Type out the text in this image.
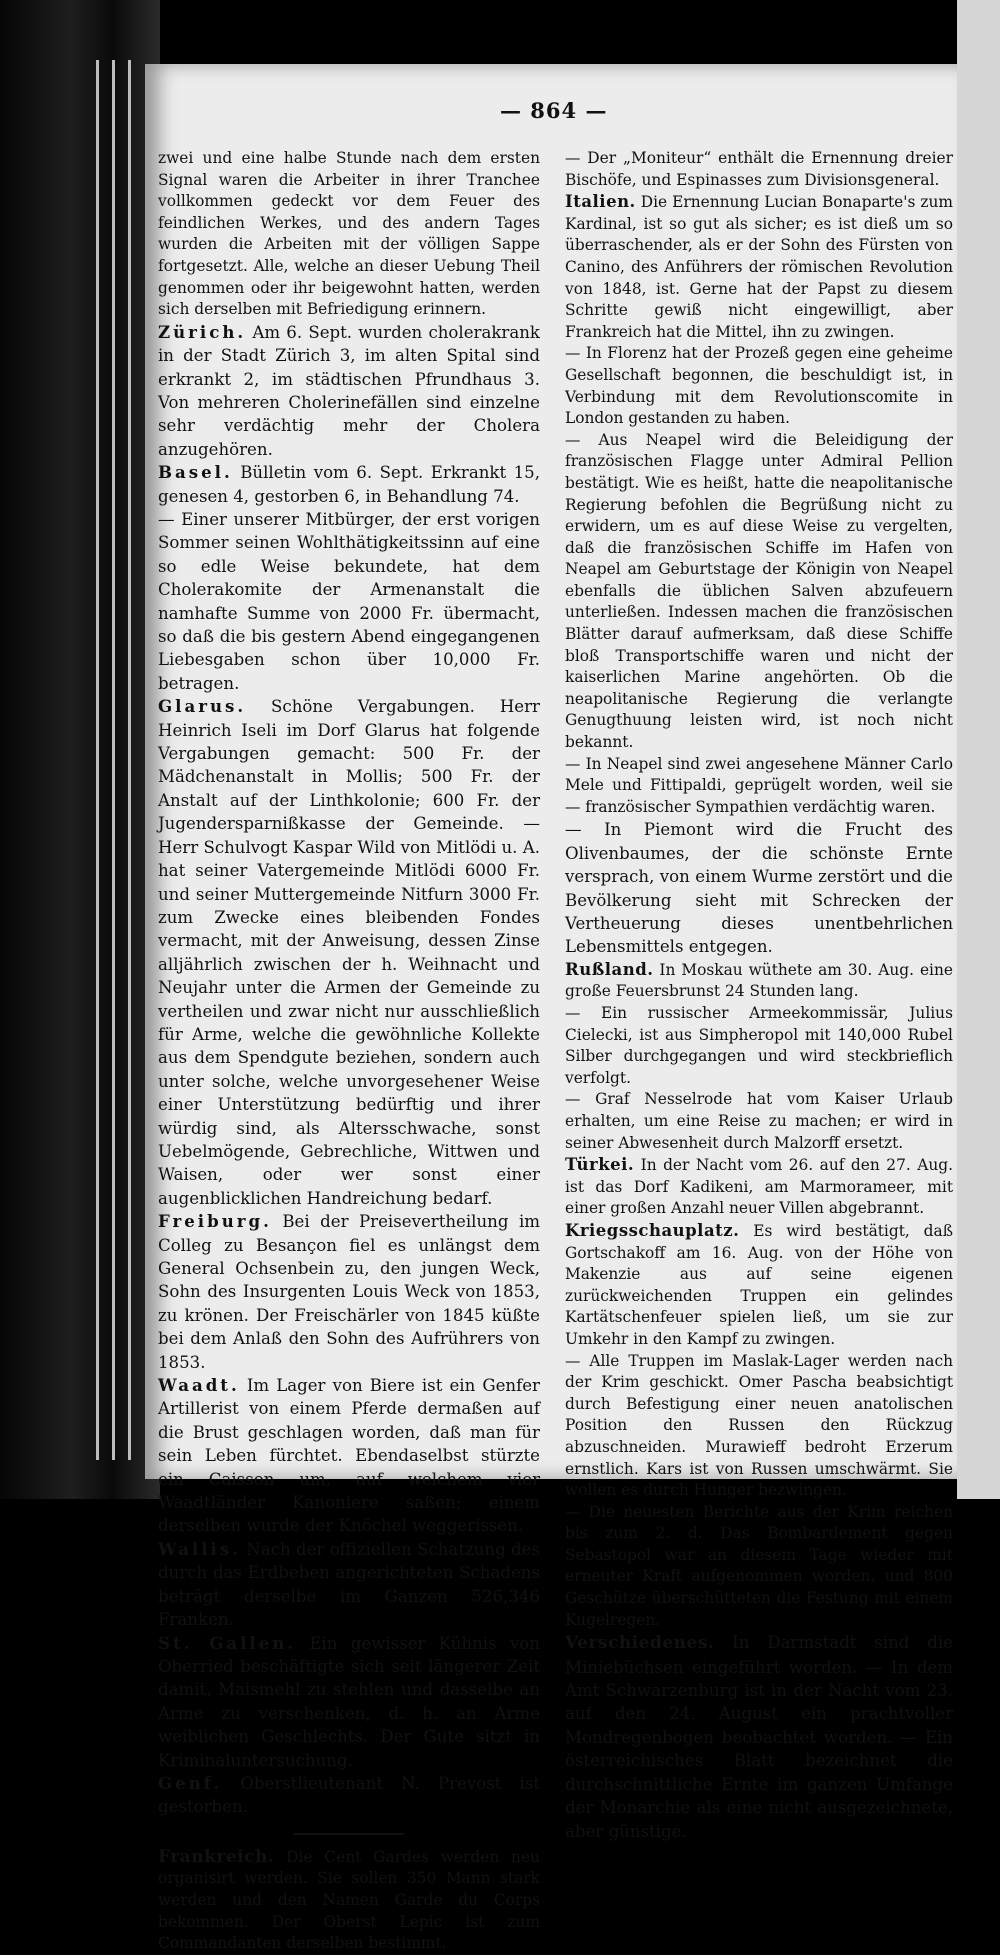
— 864 —

zwei und eine halbe Stunde nach dem ersten Signal waren die Arbeiter in ihrer Tranchee vollkommen gedeckt vor dem Feuer des feindlichen Werkes, und des andern Tages wurden die Arbeiten mit der völligen Sappe fortgesetzt. Alle, welche an dieser Uebung Theil genommen oder ihr beigewohnt hatten, werden sich derselben mit Befriedigung erinnern.

Zürich. Am 6. Sept. wurden cholerakrank in der Stadt Zürich 3, im alten Spital sind erkrankt 2, im städtischen Pfrundhaus 3. Von mehreren Cholerinefällen sind einzelne sehr verdächtig mehr der Cholera anzugehören.

Basel. Bülletin vom 6. Sept. Erkrankt 15, genesen 4, gestorben 6, in Behandlung 74.

— Einer unserer Mitbürger, der erst vorigen Sommer seinen Wohlthätigkeitssinn auf eine so edle Weise bekundete, hat dem Cholerakomite der Armenanstalt die namhafte Summe von 2000 Fr. übermacht, so daß die bis gestern Abend eingegangenen Liebesgaben schon über 10,000 Fr. betragen.

Glarus. Schöne Vergabungen. Herr Heinrich Iseli im Dorf Glarus hat folgende Vergabungen gemacht: 500 Fr. der Mädchenanstalt in Mollis; 500 Fr. der Anstalt auf der Linthkolonie; 600 Fr. der Jugendersparnißkasse der Gemeinde. — Herr Schulvogt Kaspar Wild von Mitlödi u. A. hat seiner Vatergemeinde Mitlödi 6000 Fr. und seiner Muttergemeinde Nitfurn 3000 Fr. zum Zwecke eines bleibenden Fondes vermacht, mit der Anweisung, dessen Zinse alljährlich zwischen der h. Weihnacht und Neujahr unter die Armen der Gemeinde zu vertheilen und zwar nicht nur ausschließlich für Arme, welche die gewöhnliche Kollekte aus dem Spendgute beziehen, sondern auch unter solche, welche unvorgesehener Weise einer Unterstützung bedürftig und ihrer würdig sind, als Altersschwache, sonst Uebelmögende, Gebrechliche, Wittwen und Waisen, oder wer sonst einer augenblicklichen Handreichung bedarf.

Freiburg. Bei der Preisevertheilung im Colleg zu Besançon fiel es unlängst dem General Ochsenbein zu, den jungen Weck, Sohn des Insurgenten Louis Weck von 1853, zu krönen. Der Freischärler von 1845 küßte bei dem Anlaß den Sohn des Aufrührers von 1853.

Waadt. Im Lager von Biere ist ein Genfer Artillerist von einem Pferde dermaßen auf die Brust geschlagen worden, daß man für sein Leben fürchtet. Ebendaselbst stürzte ein Caisson um, auf welchem vier Waadtländer Kanoniere saßen; einem derselben wurde der Knöchel weggerissen.

Wallis. Nach der offiziellen Schatzung des durch das Erdbeben angerichteten Schadens beträgt derselbe im Ganzen 526,346 Franken.

St. Gallen. Ein gewisser Kühnis von Oberried beschäftigte sich seit längerer Zeit damit, Maismehl zu stehlen und dasselbe an Arme zu verschenken, d. h. an Arme weiblichen Geschlechts. Der Gute sitzt in Kriminaluntersuchung.

Genf. Oberstlieutenant N. Prevost ist gestorben.

Frankreich. Die Cent Gardes werden neu organisirt werden. Sie sollen 350 Mann stark werden und den Namen Garde du Corps bekommen. Der Oberst Lepic ist zum Commandanten derselben bestimmt.

— Der „Moniteur“ enthält die Ernennung dreier Bischöfe, und Espinasses zum Divisionsgeneral.

Italien. Die Ernennung Lucian Bonaparte's zum Kardinal, ist so gut als sicher; es ist dieß um so überraschender, als er der Sohn des Fürsten von Canino, des Anführers der römischen Revolution von 1848, ist. Gerne hat der Papst zu diesem Schritte gewiß nicht eingewilligt, aber Frankreich hat die Mittel, ihn zu zwingen.

— In Florenz hat der Prozeß gegen eine geheime Gesellschaft begonnen, die beschuldigt ist, in Verbindung mit dem Revolutionscomite in London gestanden zu haben.

— Aus Neapel wird die Beleidigung der französischen Flagge unter Admiral Pellion bestätigt. Wie es heißt, hatte die neapolitanische Regierung befohlen die Begrüßung nicht zu erwidern, um es auf diese Weise zu vergelten, daß die französischen Schiffe im Hafen von Neapel am Geburtstage der Königin von Neapel ebenfalls die üblichen Salven abzufeuern unterließen. Indessen machen die französischen Blätter darauf aufmerksam, daß diese Schiffe bloß Transportschiffe waren und nicht der kaiserlichen Marine angehörten. Ob die neapolitanische Regierung die verlangte Genugthuung leisten wird, ist noch nicht bekannt.

— In Neapel sind zwei angesehene Männer Carlo Mele und Fittipaldi, geprügelt worden, weil sie — französischer Sympathien verdächtig waren.

— In Piemont wird die Frucht des Olivenbaumes, der die schönste Ernte versprach, von einem Wurme zerstört und die Bevölkerung sieht mit Schrecken der Vertheuerung dieses unentbehrlichen Lebensmittels entgegen.

Rußland. In Moskau wüthete am 30. Aug. eine große Feuersbrunst 24 Stunden lang.

— Ein russischer Armeekommissär, Julius Cielecki, ist aus Simpheropol mit 140,000 Rubel Silber durchgegangen und wird steckbrieflich verfolgt.

— Graf Nesselrode hat vom Kaiser Urlaub erhalten, um eine Reise zu machen; er wird in seiner Abwesenheit durch Malzorff ersetzt.

Türkei. In der Nacht vom 26. auf den 27. Aug. ist das Dorf Kadikeni, am Marmorameer, mit einer großen Anzahl neuer Villen abgebrannt.

Kriegsschauplatz. Es wird bestätigt, daß Gortschakoff am 16. Aug. von der Höhe von Makenzie aus auf seine eigenen zurückweichenden Truppen ein gelindes Kartätschenfeuer spielen ließ, um sie zur Umkehr in den Kampf zu zwingen.

— Alle Truppen im Maslak-Lager werden nach der Krim geschickt. Omer Pascha beabsichtigt durch Befestigung einer neuen anatolischen Position den Russen den Rückzug abzuschneiden. Murawieff bedroht Erzerum ernstlich. Kars ist von Russen umschwärmt. Sie wollen es durch Hunger bezwingen.

— Die neuesten Berichte aus der Krim reichen bis zum 2. d. Das Bombardement gegen Sebastopol war an diesem Tage wieder mit erneuter Kraft aufgenommen worden, und 800 Geschütze überschütteten die Festung mit einem Kugelregen.

Verschiedenes. In Darmstadt sind die Miniebüchsen eingeführt worden. — In dem Amt Schwarzenburg ist in der Nacht vom 23. auf den 24. August ein prachtvoller Mondregenbogen beobachtet worden. — Ein österreichisches Blatt bezeichnet die durchschnittliche Ernte im ganzen Umfange der Monarchie als eine nicht ausgezeichnete, aber günstige.
